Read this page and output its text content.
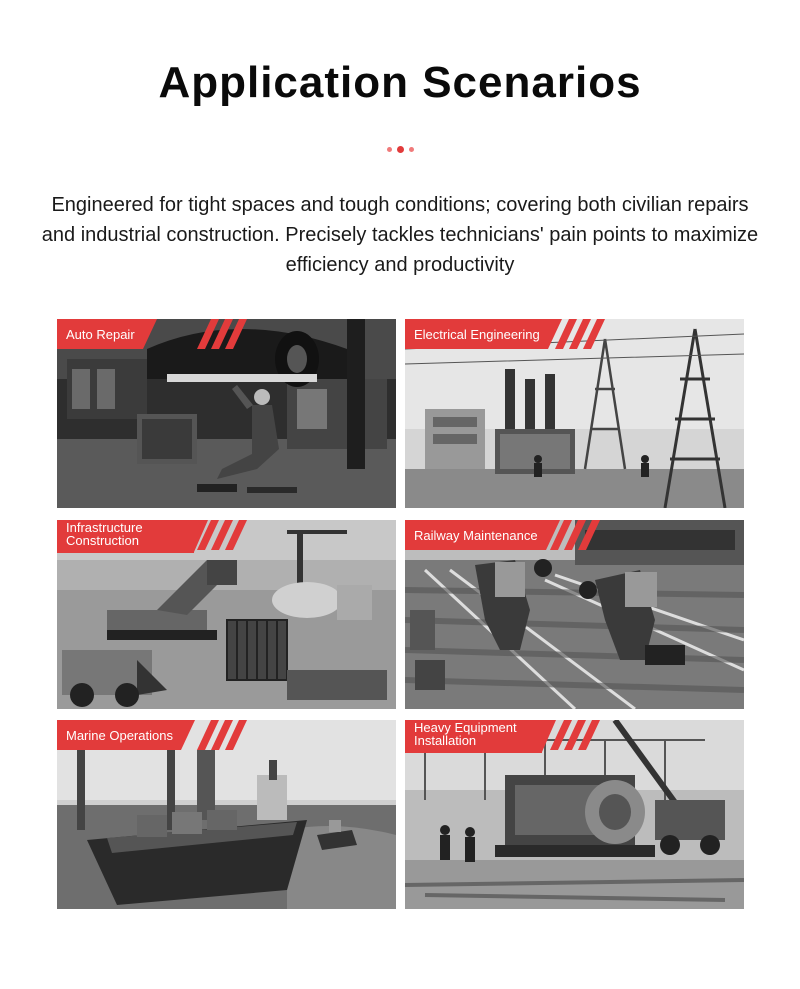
Application Scenarios

Engineered for tight spaces and tough conditions; covering both civilian repairs and industrial construction. Precisely tackles technicians' pain points to maximize efficiency and productivity

Auto Repair	Electrical Engineering
Infrastructure Construction	Railway Maintenance
Marine Operations	Heavy Equipment Installation
